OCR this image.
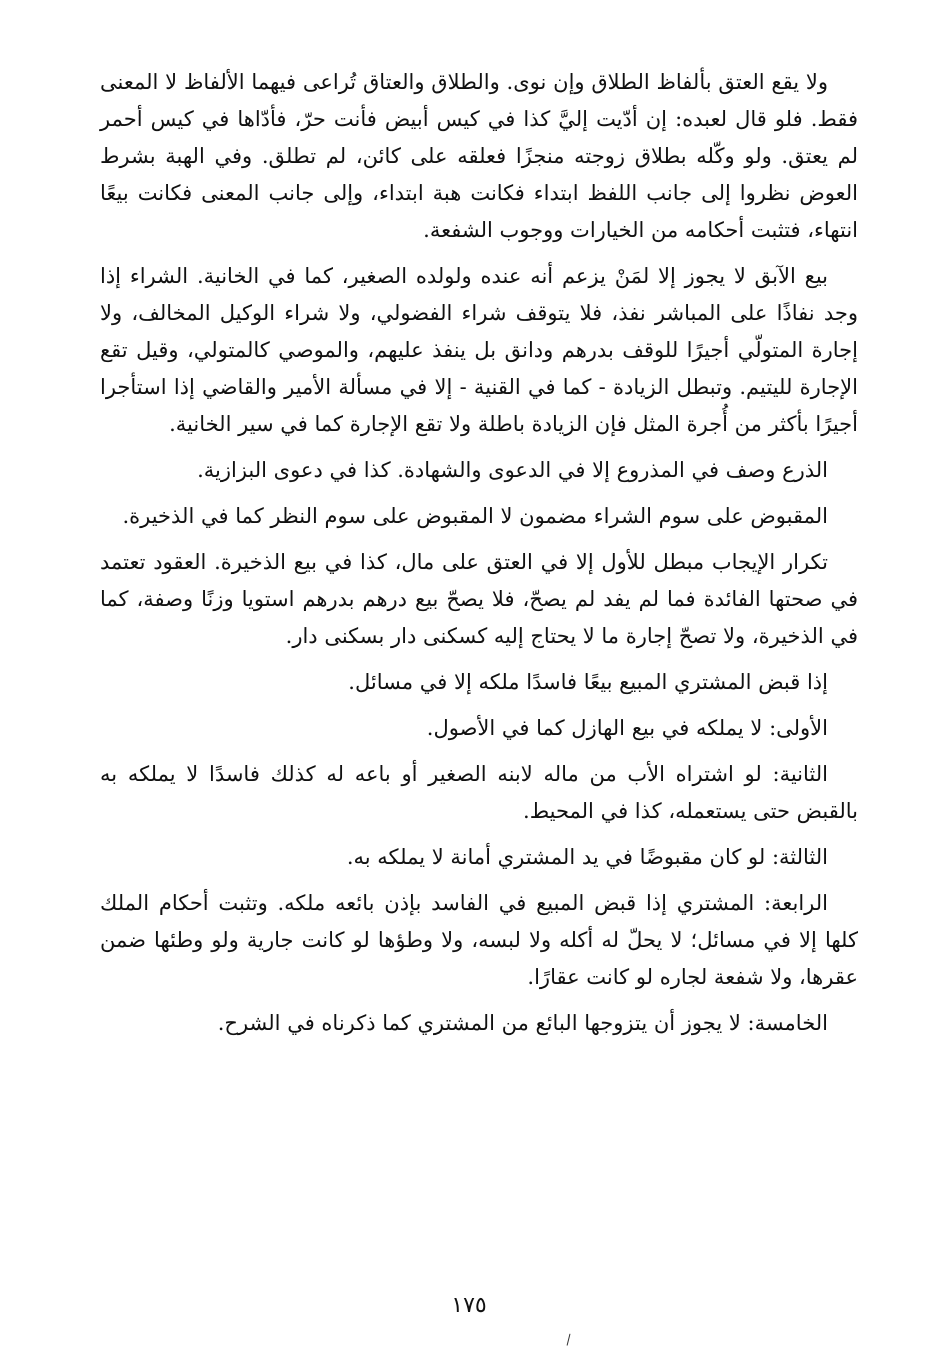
ولا يقع العتق بألفاظ الطلاق وإن نوى. والطلاق والعتاق تُراعى فيهما الألفاظ لا المعنى فقط. فلو قال لعبده: إن أدّيت إليَّ كذا في كيس أبيض فأنت حرّ، فأدّاها في كيس أحمر لم يعتق. ولو وكّله بطلاق زوجته منجزًا فعلقه على كائن، لم تطلق. وفي الهبة بشرط العوض نظروا إلى جانب اللفظ ابتداء فكانت هبة ابتداء، وإلى جانب المعنى فكانت بيعًا انتهاء، فتثبت أحكامه من الخيارات ووجوب الشفعة.

بيع الآبق لا يجوز إلا لمَنْ يزعم أنه عنده ولولده الصغير، كما في الخانية. الشراء إذا وجد نفاذًا على المباشر نفذ، فلا يتوقف شراء الفضولي، ولا شراء الوكيل المخالف، ولا إجارة المتولّي أجيرًا للوقف بدرهم ودانق بل ينفذ عليهم، والموصي كالمتولي، وقيل تقع الإجارة لليتيم. وتبطل الزيادة - كما في القنية - إلا في مسألة الأمير والقاضي إذا استأجرا أجيرًا بأكثر من أُجرة المثل فإن الزيادة باطلة ولا تقع الإجارة كما في سير الخانية.

الذرع وصف في المذروع إلا في الدعوى والشهادة. كذا في دعوى البزازية.

المقبوض على سوم الشراء مضمون لا المقبوض على سوم النظر كما في الذخيرة.

تكرار الإيجاب مبطل للأول إلا في العتق على مال، كذا في بيع الذخيرة. العقود تعتمد في صحتها الفائدة فما لم يفد لم يصحّ، فلا يصحّ بيع درهم بدرهم استويا وزنًا وصفة، كما في الذخيرة، ولا تصحّ إجارة ما لا يحتاج إليه كسكنى دار بسكنى دار.

إذا قبض المشتري المبيع بيعًا فاسدًا ملكه إلا في مسائل.

الأولى: لا يملكه في بيع الهازل كما في الأصول.

الثانية: لو اشتراه الأب من ماله لابنه الصغير أو باعه له كذلك فاسدًا لا يملكه به بالقبض حتى يستعمله، كذا في المحيط.

الثالثة: لو كان مقبوضًا في يد المشتري أمانة لا يملكه به.

الرابعة: المشتري إذا قبض المبيع في الفاسد بإذن بائعه ملكه. وتثبت أحكام الملك كلها إلا في مسائل؛ لا يحلّ له أكله ولا لبسه، ولا وطؤها لو كانت جارية ولو وطئها ضمن عقرها، ولا شفعة لجاره لو كانت عقارًا.

الخامسة: لا يجوز أن يتزوجها البائع من المشتري كما ذكرناه في الشرح.

١٧٥
